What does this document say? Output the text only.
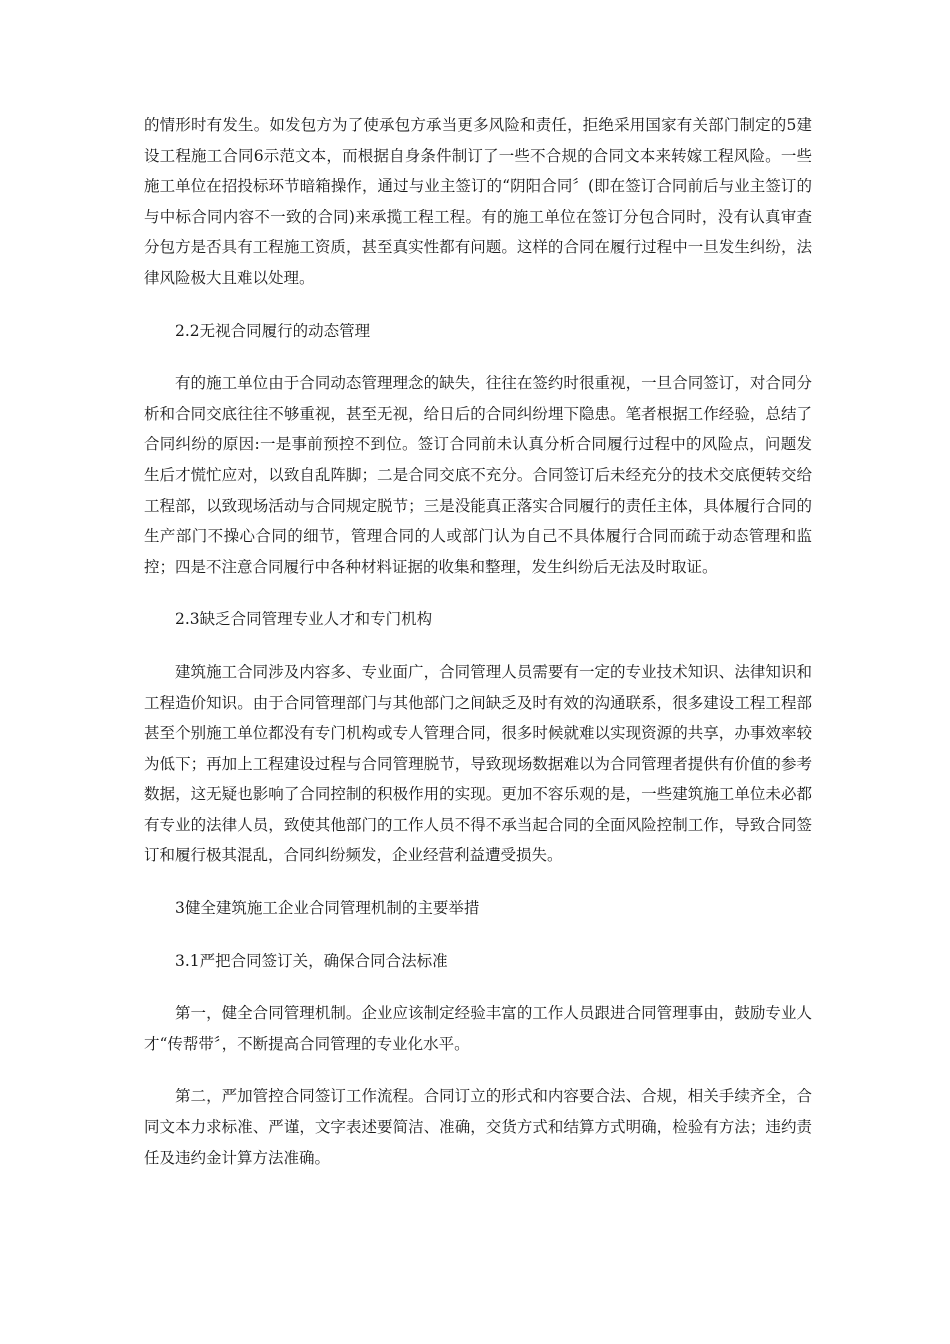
的情形时有发生。如发包方为了使承包方承当更多风险和责任，拒绝采用国家有关部门制定的5建设工程施工合同6示范文本，而根据自身条件制订了一些不合规的合同文本来转嫁工程风险。一些施工单位在招投标环节暗箱操作，通过与业主签订的“阴阳合同〞(即在签订合同前后与业主签订的与中标合同内容不一致的合同)来承揽工程工程。有的施工单位在签订分包合同时，没有认真审查分包方是否具有工程施工资质，甚至真实性都有问题。这样的合同在履行过程中一旦发生纠纷，法律风险极大且难以处理。

2.2无视合同履行的动态管理

有的施工单位由于合同动态管理理念的缺失，往往在签约时很重视，一旦合同签订，对合同分析和合同交底往往不够重视，甚至无视，给日后的合同纠纷埋下隐患。笔者根据工作经验，总结了合同纠纷的原因:一是事前预控不到位。签订合同前未认真分析合同履行过程中的风险点，问题发生后才慌忙应对，以致自乱阵脚；二是合同交底不充分。合同签订后未经充分的技术交底便转交给工程部，以致现场活动与合同规定脱节；三是没能真正落实合同履行的责任主体，具体履行合同的生产部门不操心合同的细节，管理合同的人或部门认为自己不具体履行合同而疏于动态管理和监控；四是不注意合同履行中各种材料证据的收集和整理，发生纠纷后无法及时取证。

2.3缺乏合同管理专业人才和专门机构

建筑施工合同涉及内容多、专业面广，合同管理人员需要有一定的专业技术知识、法律知识和工程造价知识。由于合同管理部门与其他部门之间缺乏及时有效的沟通联系，很多建设工程工程部甚至个别施工单位都没有专门机构或专人管理合同，很多时候就难以实现资源的共享，办事效率较为低下；再加上工程建设过程与合同管理脱节，导致现场数据难以为合同管理者提供有价值的参考数据，这无疑也影响了合同控制的积极作用的实现。更加不容乐观的是，一些建筑施工单位未必都有专业的法律人员，致使其他部门的工作人员不得不承当起合同的全面风险控制工作，导致合同签订和履行极其混乱，合同纠纷频发，企业经营利益遭受损失。

3健全建筑施工企业合同管理机制的主要举措

3.1严把合同签订关，确保合同合法标准

第一，健全合同管理机制。企业应该制定经验丰富的工作人员跟进合同管理事由，鼓励专业人才“传帮带〞，不断提高合同管理的专业化水平。

第二，严加管控合同签订工作流程。合同订立的形式和内容要合法、合规，相关手续齐全，合同文本力求标准、严谨，文字表述要简洁、准确，交货方式和结算方式明确，检验有方法；违约责任及违约金计算方法准确。
